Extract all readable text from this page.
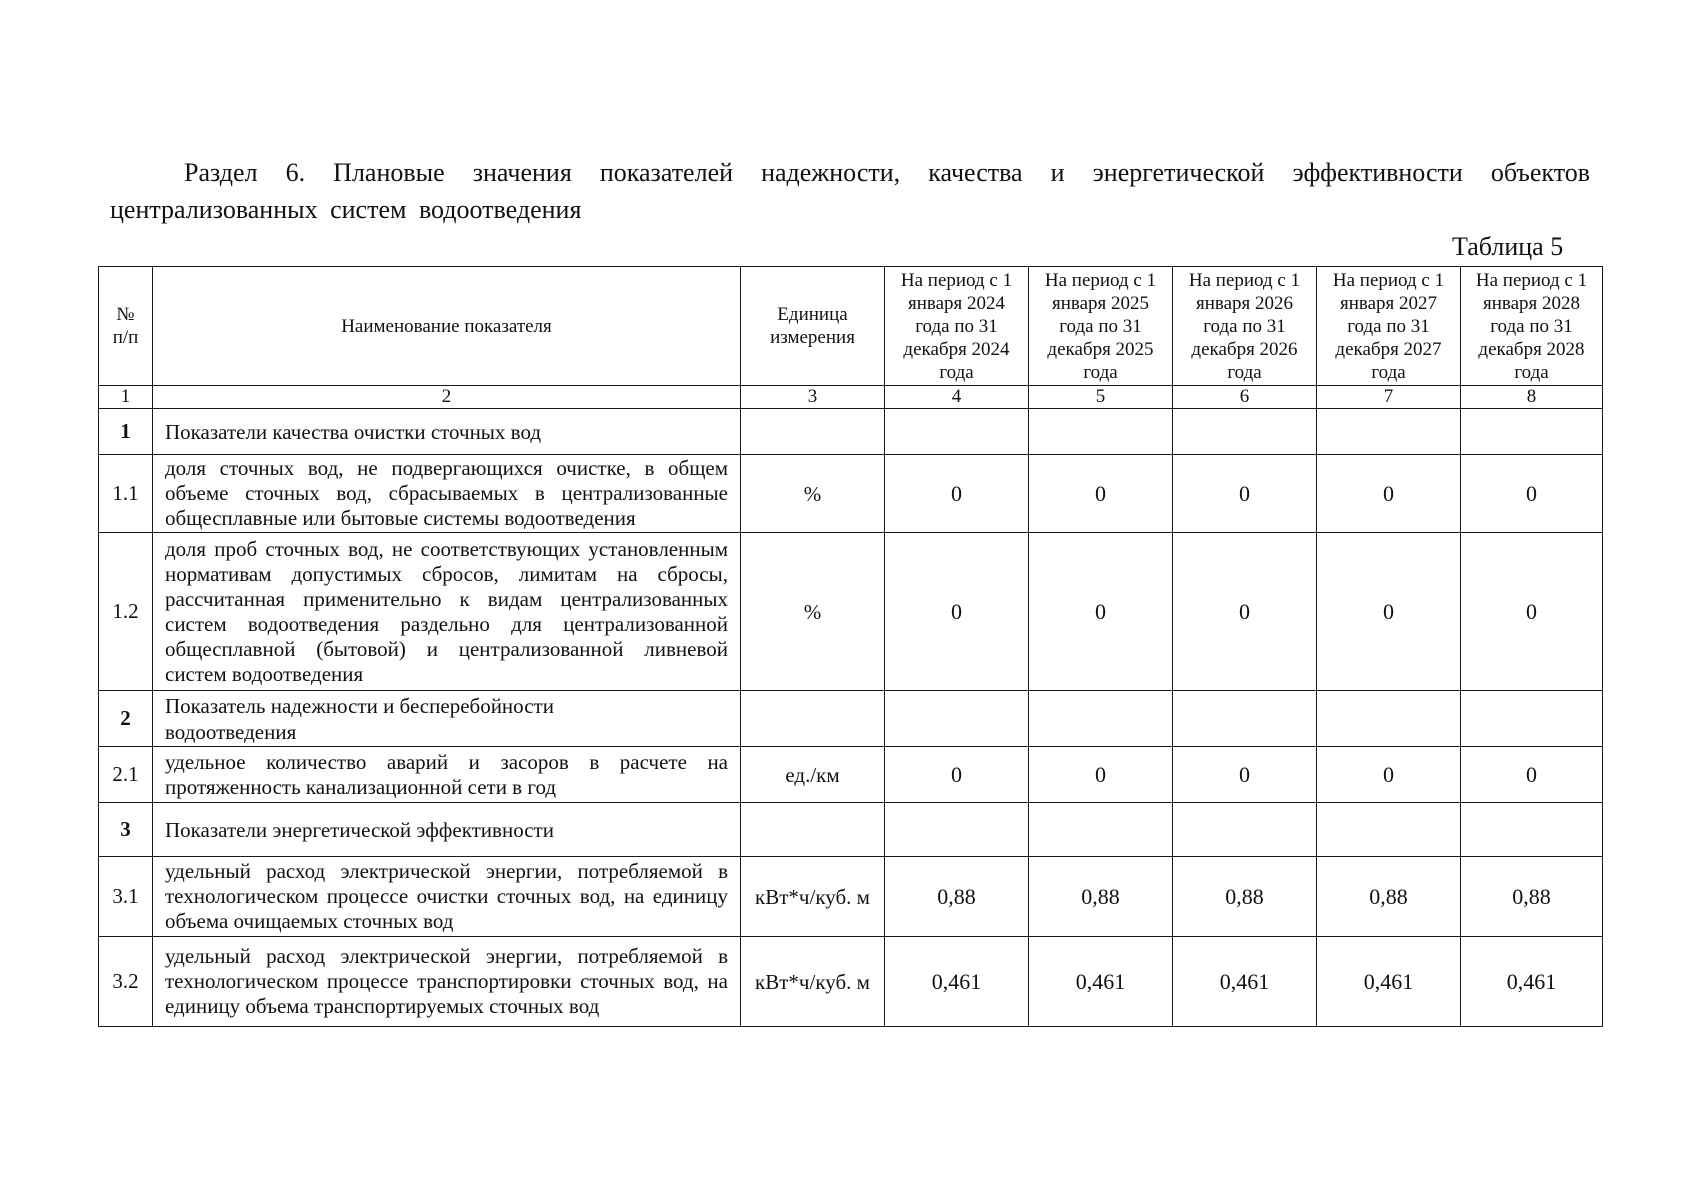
Раздел 6. Плановые значения показателей надежности, качества и энергетической эффективности объектов централизованных систем водоотведения
Таблица 5
№ п/п	Наименование показателя	Единица измерения	На период с 1 января 2024 года по 31 декабря 2024 года	На период с 1 января 2025 года по 31 декабря 2025 года	На период с 1 января 2026 года по 31 декабря 2026 года	На период с 1 января 2027 года по 31 декабря 2027 года	На период с 1 января 2028 года по 31 декабря 2028 года
1	2	3	4	5	6	7	8
1	Показатели качества очистки сточных вод						
1.1	доля сточных вод, не подвергающихся очистке, в общем объеме сточных вод, сбрасываемых в централизованные общесплавные или бытовые системы водоотведения	%	0	0	0	0	0
1.2	доля проб сточных вод, не соответствующих установленным нормативам допустимых сбросов, лимитам на сбросы, рассчитанная применительно к видам централизованных систем водоотведения раздельно для централизованной общесплавной (бытовой) и централизованной ливневой систем водоотведения	%	0	0	0	0	0
2	Показатель надежности и бесперебойности водоотведения						
2.1	удельное количество аварий и засоров в расчете на протяженность канализационной сети в год	ед./км	0	0	0	0	0
3	Показатели энергетической эффективности						
3.1	удельный расход электрической энергии, потребляемой в технологическом процессе очистки сточных вод, на единицу объема очищаемых сточных вод	кВт*ч/куб. м	0,88	0,88	0,88	0,88	0,88
3.2	удельный расход электрической энергии, потребляемой в технологическом процессе транспортировки сточных вод, на единицу объема транспортируемых сточных вод	кВт*ч/куб. м	0,461	0,461	0,461	0,461	0,461
